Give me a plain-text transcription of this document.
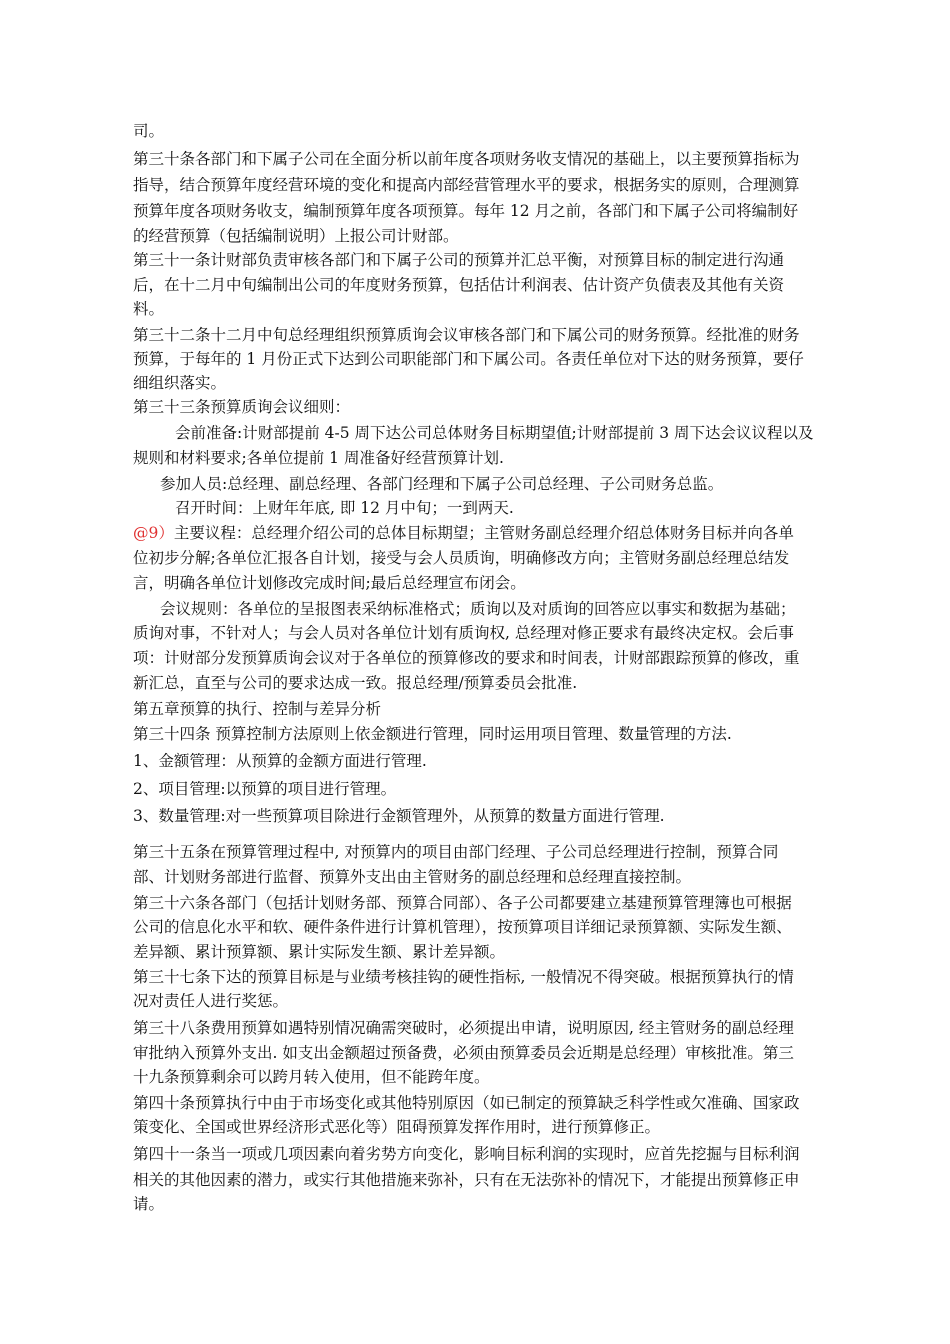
司。

第三十条各部门和下属子公司在全面分析以前年度各项财务收支情况的基础上，以主要预算指标为

指导，结合预算年度经营环境的变化和提高内部经营管理水平的要求，根据务实的原则，合理测算

预算年度各项财务收支，编制预算年度各项预算。每年 12 月之前，各部门和下属子公司将编制好

的经营预算（包括编制说明）上报公司计财部。

第三十一条计财部负责审核各部门和下属子公司的预算并汇总平衡，对预算目标的制定进行沟通

后，在十二月中旬编制出公司的年度财务预算，包括估计利润表、估计资产负债表及其他有关资

料。

第三十二条十二月中旬总经理组织预算质询会议审核各部门和下属公司的财务预算。经批准的财务

预算，于每年的 1 月份正式下达到公司职能部门和下属公司。各责任单位对下达的财务预算，要仔

细组织落实。

第三十三条预算质询会议细则：

会前准备:计财部提前 4-5 周下达公司总体财务目标期望值;计财部提前 3 周下达会议议程以及

规则和材料要求;各单位提前 1 周准备好经营预算计划.

参加人员:总经理、副总经理、各部门经理和下属子公司总经理、子公司财务总监。

召开时间：上财年年底, 即 12 月中旬；一到两天.

@9）主要议程：总经理介绍公司的总体目标期望；主管财务副总经理介绍总体财务目标并向各单

位初步分解;各单位汇报各自计划，接受与会人员质询，明确修改方向；主管财务副总经理总结发

言，明确各单位计划修改完成时间;最后总经理宣布闭会。

会议规则：各单位的呈报图表采纳标准格式；质询以及对质询的回答应以事实和数据为基础；

质询对事，不针对人；与会人员对各单位计划有质询权, 总经理对修正要求有最终决定权。会后事

项：计财部分发预算质询会议对于各单位的预算修改的要求和时间表，计财部跟踪预算的修改，重

新汇总，直至与公司的要求达成一致。报总经理/预算委员会批准.

第五章预算的执行、控制与差异分析

第三十四条 预算控制方法原则上依金额进行管理，同时运用项目管理、数量管理的方法.

1、金额管理：从预算的金额方面进行管理.

2、项目管理:以预算的项目进行管理。

3、数量管理:对一些预算项目除进行金额管理外，从预算的数量方面进行管理.

第三十五条在预算管理过程中, 对预算内的项目由部门经理、子公司总经理进行控制，预算合同

部、计划财务部进行监督、预算外支出由主管财务的副总经理和总经理直接控制。

第三十六条各部门（包括计划财务部、预算合同部）、各子公司都要建立基建预算管理簿也可根据

公司的信息化水平和软、硬件条件进行计算机管理），按预算项目详细记录预算额、实际发生额、

差异额、累计预算额、累计实际发生额、累计差异额。

第三十七条下达的预算目标是与业绩考核挂钩的硬性指标, 一般情况不得突破。根据预算执行的情

况对责任人进行奖惩。

第三十八条费用预算如遇特别情况确需突破时，必须提出申请，说明原因, 经主管财务的副总经理

审批纳入预算外支出. 如支出金额超过预备费，必须由预算委员会近期是总经理）审核批准。第三

十九条预算剩余可以跨月转入使用，但不能跨年度。

第四十条预算执行中由于市场变化或其他特别原因（如已制定的预算缺乏科学性或欠准确、国家政

策变化、全国或世界经济形式恶化等）阻碍预算发挥作用时，进行预算修正。

第四十一条当一项或几项因素向着劣势方向变化，影响目标利润的实现时，应首先挖掘与目标利润

相关的其他因素的潜力，或实行其他措施来弥补，只有在无法弥补的情况下，才能提出预算修正申

请。
